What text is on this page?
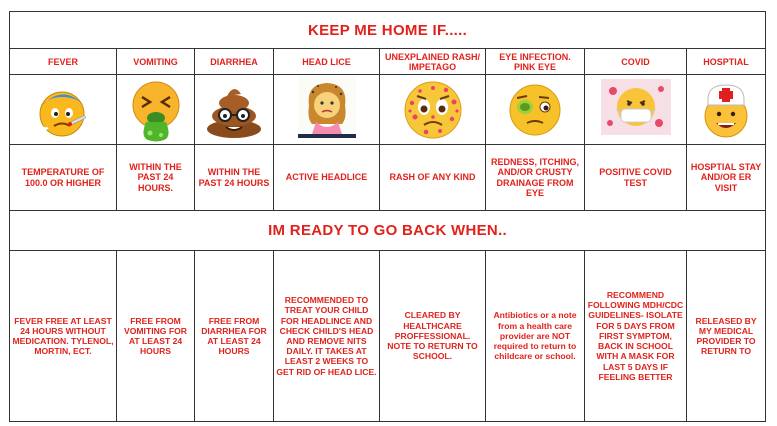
KEEP ME HOME IF.....							
FEVER	VOMITING	DIARRHEA	HEAD LICE	UNEXPLAINED RASH/ IMPETAGO	EYE INFECTION. PINK EYE	COVID	HOSPTIAL

TEMPERATURE OF 100.0 OR HIGHER	WITHIN THE PAST 24 HOURS.	WITHIN THE PAST 24 HOURS	ACTIVE HEADLICE	RASH OF ANY KIND	REDNESS, ITCHING, AND/OR CRUSTY DRAINAGE FROM EYE	POSITIVE COVID TEST	HOSPTIAL STAY AND/OR ER VISIT
IM READY TO GO BACK WHEN..							
FEVER FREE AT LEAST 24 HOURS WITHOUT MEDICATION. TYLENOL, MORTIN, ECT.	FREE FROM VOMITING FOR AT LEAST 24 HOURS	FREE FROM DIARRHEA FOR AT LEAST 24 HOURS	RECOMMENDED TO TREAT YOUR CHILD FOR HEADLINCE AND CHECK CHILD'S HEAD AND REMOVE NITS DAILY. IT TAKES AT LEAST 2 WEEKS TO GET RID OF HEAD LICE.	CLEARED BY HEALTHCARE PROFFESSIONAL. NOTE TO RETURN TO SCHOOL.	Antibiotics or a note from a health care provider are NOT required to return to childcare or school.	RECOMMEND FOLLOWING MDH/CDC GUIDELINES- ISOLATE FOR 5 DAYS FROM FIRST SYMPTOM, BACK IN SCHOOL WITH A MASK FOR LAST 5 DAYS IF FEELING BETTER	RELEASED BY MY MEDICAL PROVIDER TO RETURN TO
